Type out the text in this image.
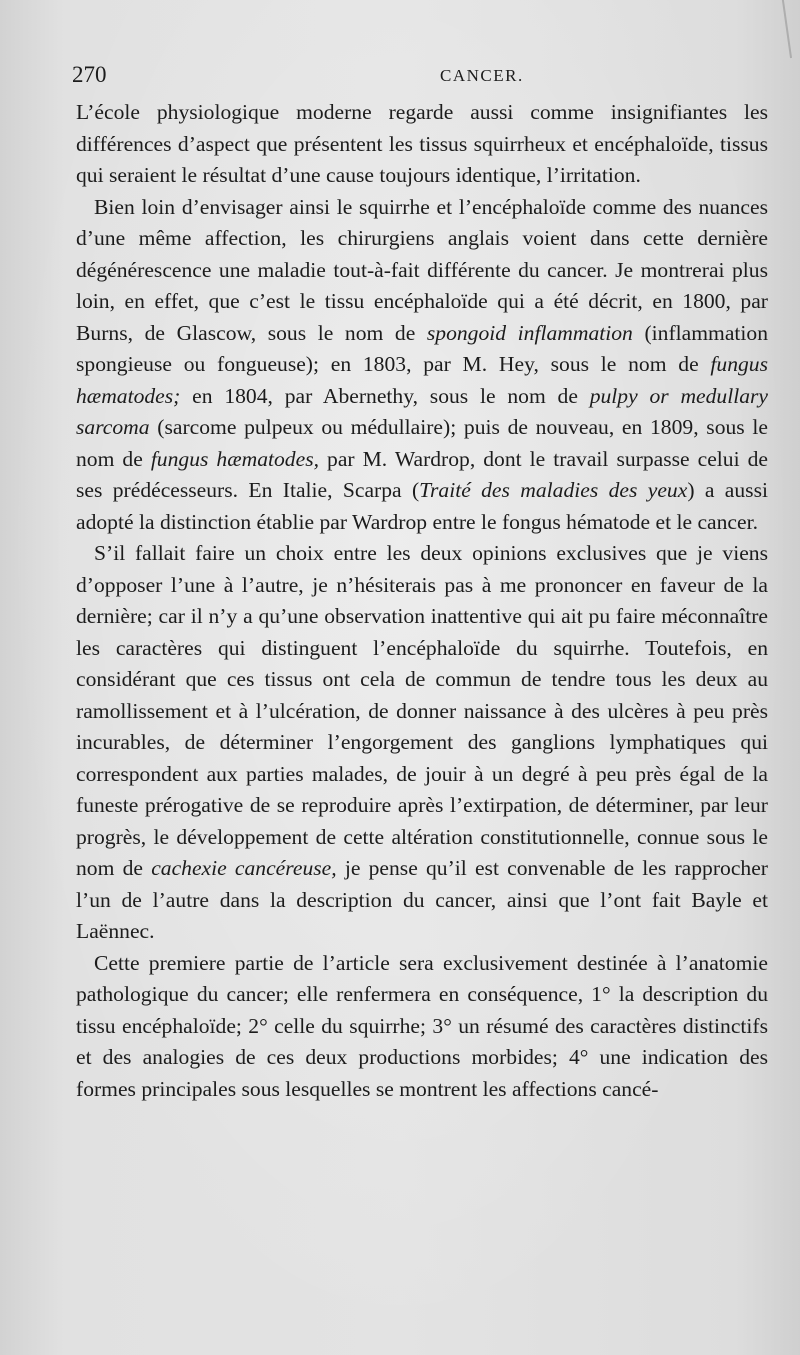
270	CANCER.

L’école physiologique moderne regarde aussi comme insignifiantes les différences d’aspect que présentent les tissus squirrheux et encéphaloïde, tissus qui seraient le résultat d’une cause toujours identique, l’irritation.

Bien loin d’envisager ainsi le squirrhe et l’encéphaloïde comme des nuances d’une même affection, les chirurgiens anglais voient dans cette dernière dégénérescence une maladie tout-à-fait différente du cancer. Je montrerai plus loin, en effet, que c’est le tissu encéphaloïde qui a été décrit, en 1800, par Burns, de Glascow, sous le nom de spongoid inflammation (inflammation spongieuse ou fongueuse); en 1803, par M. Hey, sous le nom de fungus hæmatodes; en 1804, par Abernethy, sous le nom de pulpy or medullary sarcoma (sarcome pulpeux ou médullaire); puis de nouveau, en 1809, sous le nom de fungus hæmatodes, par M. Wardrop, dont le travail surpasse celui de ses prédécesseurs. En Italie, Scarpa (Traité des maladies des yeux) a aussi adopté la distinction établie par Wardrop entre le fongus hématode et le cancer.

S’il fallait faire un choix entre les deux opinions exclusives que je viens d’opposer l’une à l’autre, je n’hésiterais pas à me prononcer en faveur de la dernière; car il n’y a qu’une observation inattentive qui ait pu faire méconnaître les caractères qui distinguent l’encéphaloïde du squirrhe. Toutefois, en considérant que ces tissus ont cela de commun de tendre tous les deux au ramollissement et à l’ulcération, de donner naissance à des ulcères à peu près incurables, de déterminer l’engorgement des ganglions lymphatiques qui correspondent aux parties malades, de jouir à un degré à peu près égal de la funeste prérogative de se reproduire après l’extirpation, de déterminer, par leur progrès, le développement de cette altération constitutionnelle, connue sous le nom de cachexie cancéreuse, je pense qu’il est convenable de les rapprocher l’un de l’autre dans la description du cancer, ainsi que l’ont fait Bayle et Laënnec.

Cette premiere partie de l’article sera exclusivement destinée à l’anatomie pathologique du cancer; elle renfermera en conséquence, 1° la description du tissu encéphaloïde; 2° celle du squirrhe; 3° un résumé des caractères distinctifs et des analogies de ces deux productions morbides; 4° une indication des formes principales sous lesquelles se montrent les affections cancé-
